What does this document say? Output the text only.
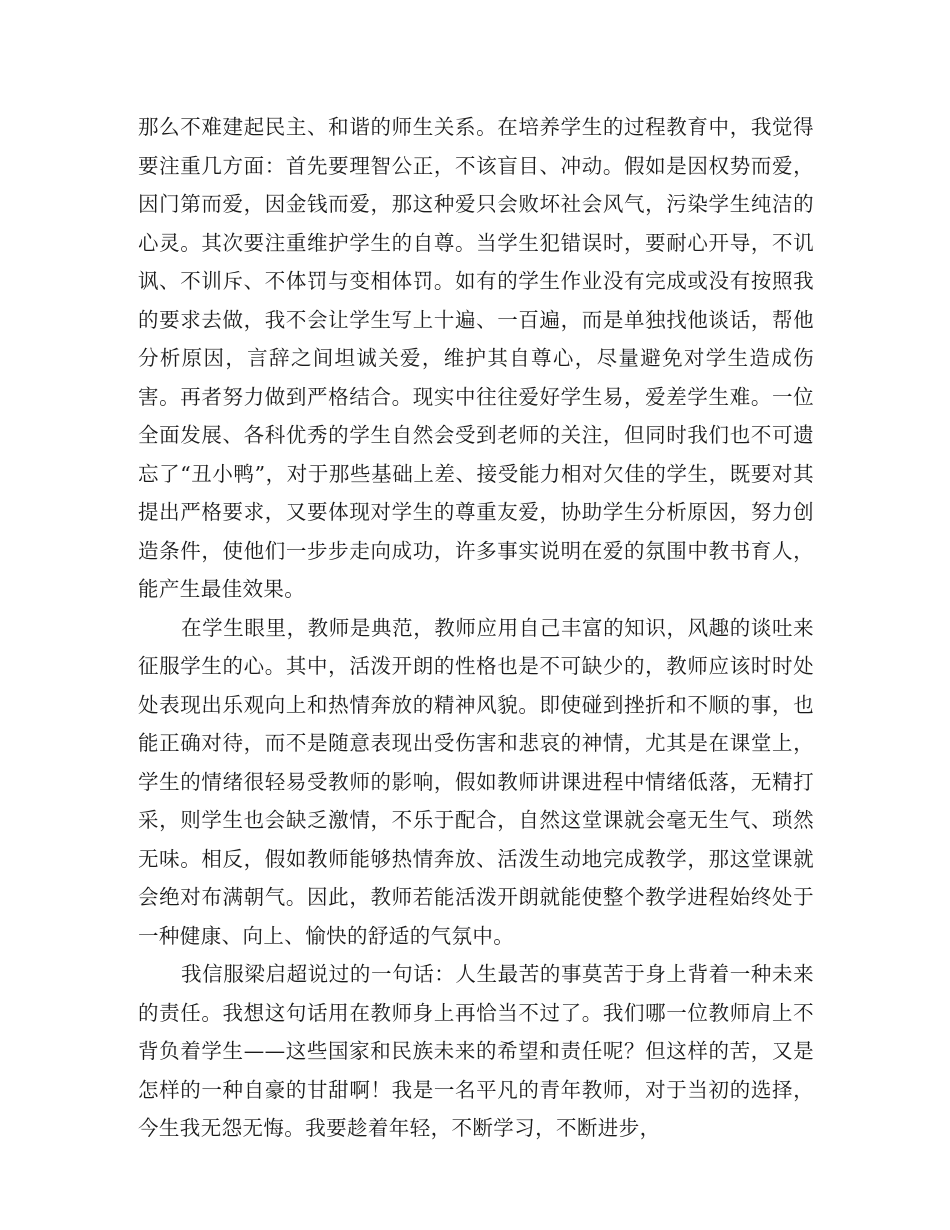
那么不难建起民主、和谐的师生关系。在培养学生的过程教育中，我觉得要注重几方面：首先要理智公正，不该盲目、冲动。假如是因权势而爱，因门第而爱，因金钱而爱，那这种爱只会败坏社会风气，污染学生纯洁的心灵。其次要注重维护学生的自尊。当学生犯错误时，要耐心开导，不讥讽、不训斥、不体罚与变相体罚。如有的学生作业没有完成或没有按照我的要求去做，我不会让学生写上十遍、一百遍，而是单独找他谈话，帮他分析原因，言辞之间坦诚关爱，维护其自尊心，尽量避免对学生造成伤害。再者努力做到严格结合。现实中往往爱好学生易，爱差学生难。一位全面发展、各科优秀的学生自然会受到老师的关注，但同时我们也不可遗忘了“丑小鸭”，对于那些基础上差、接受能力相对欠佳的学生，既要对其提出严格要求，又要体现对学生的尊重友爱，协助学生分析原因，努力创造条件，使他们一步步走向成功，许多事实说明在爱的氛围中教书育人，能产生最佳效果。

在学生眼里，教师是典范，教师应用自己丰富的知识，风趣的谈吐来征服学生的心。其中，活泼开朗的性格也是不可缺少的，教师应该时时处处表现出乐观向上和热情奔放的精神风貌。即使碰到挫折和不顺的事，也能正确对待，而不是随意表现出受伤害和悲哀的神情，尤其是在课堂上，学生的情绪很轻易受教师的影响，假如教师讲课进程中情绪低落，无精打采，则学生也会缺乏激情，不乐于配合，自然这堂课就会毫无生气、琐然无味。相反，假如教师能够热情奔放、活泼生动地完成教学，那这堂课就会绝对布满朝气。因此，教师若能活泼开朗就能使整个教学进程始终处于一种健康、向上、愉快的舒适的气氛中。

我信服梁启超说过的一句话：人生最苦的事莫苦于身上背着一种未来的责任。我想这句话用在教师身上再恰当不过了。我们哪一位教师肩上不背负着学生——这些国家和民族未来的希望和责任呢？但这样的苦，又是怎样的一种自豪的甘甜啊！我是一名平凡的青年教师，对于当初的选择，今生我无怨无悔。我要趁着年轻，不断学习，不断进步，
